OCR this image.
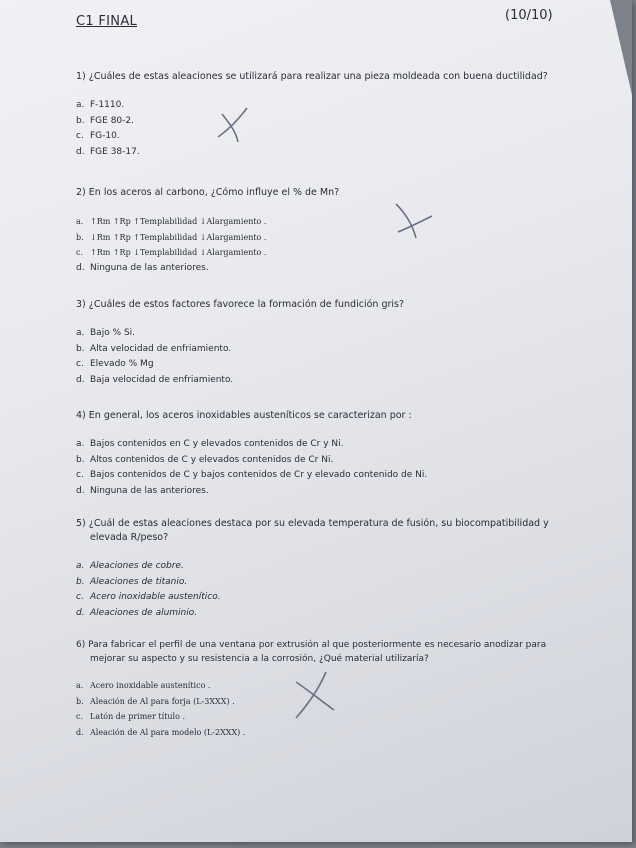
C1 FINAL	(10/10)

1) ¿Cuáles de estas aleaciones se utilizará para realizar una pieza moldeada con buena ductilidad?

a. F-1110.
b. FGE 80-2.
c. FG-10.
d. FGE 38-17.

2) En los aceros al carbono, ¿Cómo influye el % de Mn?

a. ↑Rm ↑Rp ↑Templabilidad ↓Alargamiento .
b. ↓Rm ↑Rp ↑Templabilidad ↓Alargamiento .
c. ↑Rm ↑Rp ↓Templabilidad ↓Alargamiento .
d. Ninguna de las anteriores.

3) ¿Cuáles de estos factores favorece la formación de fundición gris?

a. Bajo % Si.
b. Alta velocidad de enfriamiento.
c. Elevado % Mg
d. Baja velocidad de enfriamiento.

4) En general, los aceros inoxidables austeníticos se caracterizan por :

a. Bajos contenidos en C y elevados contenidos de Cr y Ni.
b. Altos contenidos de C y elevados contenidos de Cr Ni.
c. Bajos contenidos de C y bajos contenidos de Cr y elevado contenido de Ni.
d. Ninguna de las anteriores.

5) ¿Cuál de estas aleaciones destaca por su elevada temperatura de fusión, su biocompatibilidad y elevada R/peso?

a. Aleaciones de cobre.
b. Aleaciones de titanio.
c. Acero inoxidable austenítico.
d. Aleaciones de aluminio.

6) Para fabricar el perfil de una ventana por extrusión al que posteriormente es necesario anodizar para mejorar su aspecto y su resistencia a la corrosión, ¿Qué material utilizaría?

a. Acero inoxidable austenítico .
b. Aleación de Al para forja (L-3XXX) .
c. Latón de primer título .
d. Aleación de Al para modelo (L-2XXX) .
